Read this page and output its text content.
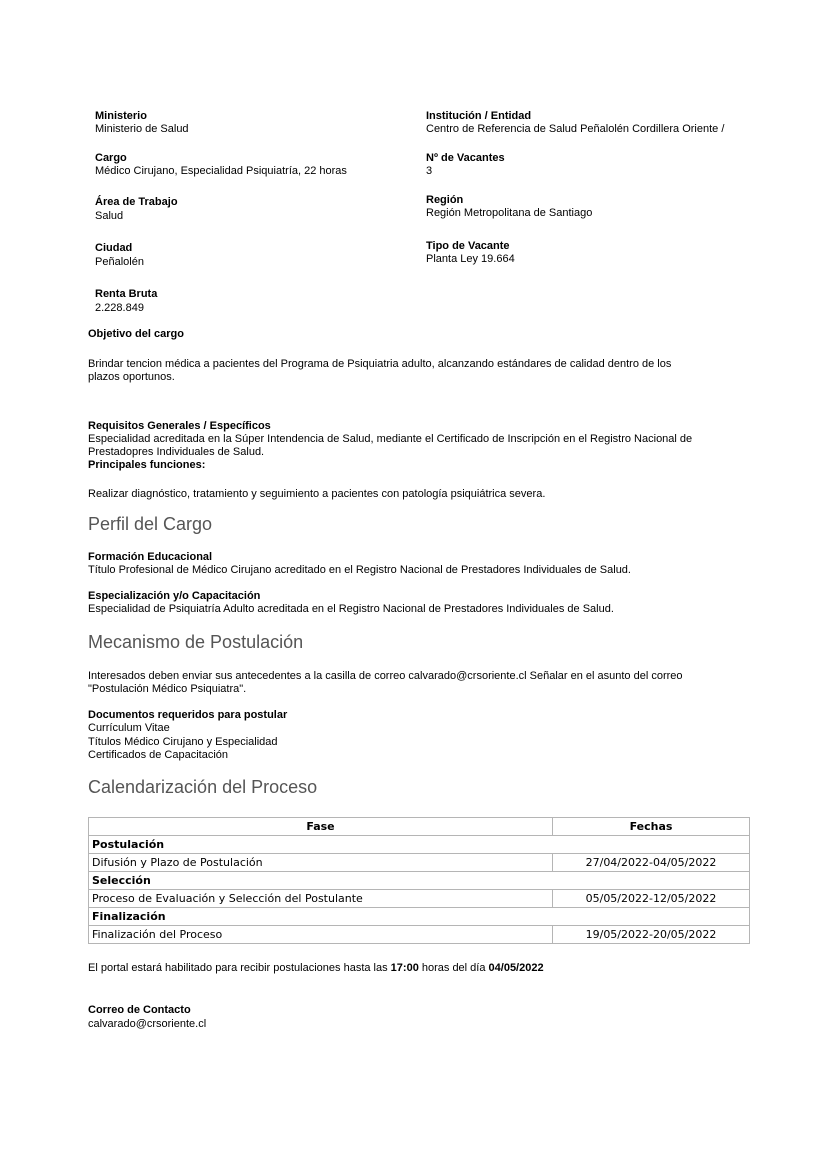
Ministerio
Ministerio de Salud
Institución / Entidad
Centro de Referencia de Salud Peñalolén Cordillera Oriente /
Cargo
Médico Cirujano, Especialidad Psiquiatría, 22 horas
Nº de Vacantes
3
Área de Trabajo
Salud
Región
Región Metropolitana de Santiago
Ciudad
Peñalolén
Tipo de Vacante
Planta Ley 19.664
Renta Bruta
2.228.849
Objetivo del cargo
Brindar tencion médica a pacientes del Programa de Psiquiatria adulto, alcanzando estándares de calidad dentro de los
plazos oportunos.
Requisitos Generales / Específicos
Especialidad acreditada en la Súper Intendencia de Salud, mediante el Certificado de Inscripción en el Registro Nacional de
Prestadopres Individuales de Salud.
Principales funciones:
Realizar diagnóstico, tratamiento y seguimiento a pacientes con patología psiquiátrica severa.
Perfil del Cargo
Formación Educacional
Título Profesional de Médico Cirujano acreditado en el Registro Nacional de Prestadores Individuales de Salud.
Especialización y/o Capacitación
Especialidad de Psiquiatría Adulto acreditada en el Registro Nacional de Prestadores Individuales de Salud.
Mecanismo de Postulación
Interesados deben enviar sus antecedentes a la casilla de correo calvarado@crsoriente.cl Señalar en el asunto del correo
"Postulación Médico Psiquiatra".
Documentos requeridos para postular
Currículum Vitae
Títulos Médico Cirujano y Especialidad
Certificados de Capacitación
Calendarización del Proceso
Fase	Fechas
Postulación	
Difusión y Plazo de Postulación	27/04/2022-04/05/2022
Selección	
Proceso de Evaluación y Selección del Postulante	05/05/2022-12/05/2022
Finalización	
Finalización del Proceso	19/05/2022-20/05/2022
El portal estará habilitado para recibir postulaciones hasta las 17:00 horas del día 04/05/2022
Correo de Contacto
calvarado@crsoriente.cl
